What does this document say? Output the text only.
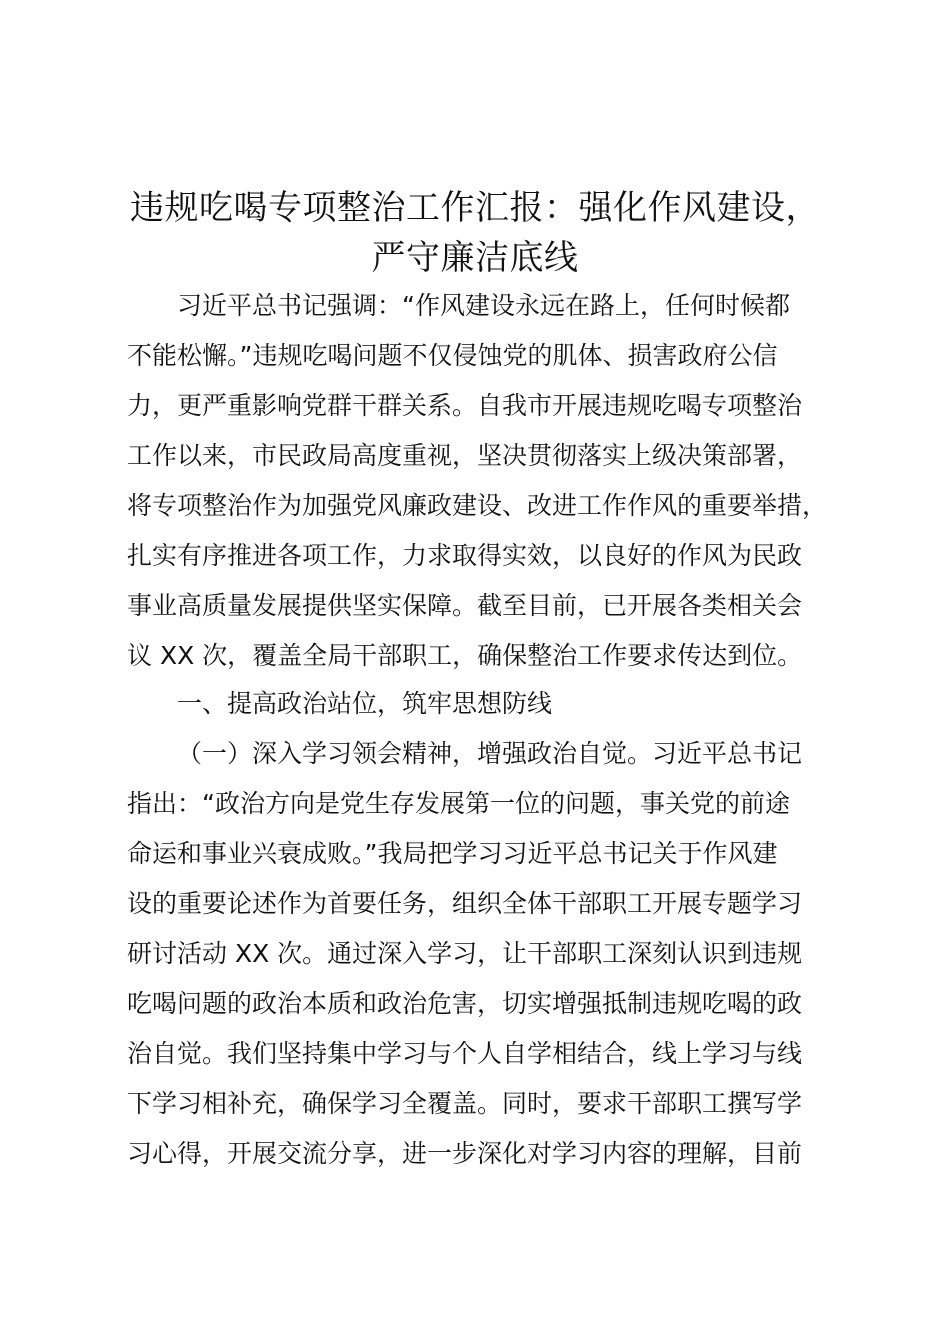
违规吃喝专项整治工作汇报：强化作风建设，
严守廉洁底线

习近平总书记强调：“作风建设永远在路上，任何时候都

不能松懈。”违规吃喝问题不仅侵蚀党的肌体、损害政府公信

力，更严重影响党群干群关系。自我市开展违规吃喝专项整治

工作以来，市民政局高度重视，坚决贯彻落实上级决策部署，

将专项整治作为加强党风廉政建设、改进工作作风的重要举措，

扎实有序推进各项工作，力求取得实效，以良好的作风为民政

事业高质量发展提供坚实保障。截至目前，已开展各类相关会

议 XX 次，覆盖全局干部职工，确保整治工作要求传达到位。

一、提高政治站位，筑牢思想防线

（一）深入学习领会精神，增强政治自觉。习近平总书记

指出：“政治方向是党生存发展第一位的问题，事关党的前途

命运和事业兴衰成败。”我局把学习习近平总书记关于作风建

设的重要论述作为首要任务，组织全体干部职工开展专题学习

研讨活动 XX 次。通过深入学习，让干部职工深刻认识到违规

吃喝问题的政治本质和政治危害，切实增强抵制违规吃喝的政

治自觉。我们坚持集中学习与个人自学相结合，线上学习与线

下学习相补充，确保学习全覆盖。同时，要求干部职工撰写学

习心得，开展交流分享，进一步深化对学习内容的理解，目前
